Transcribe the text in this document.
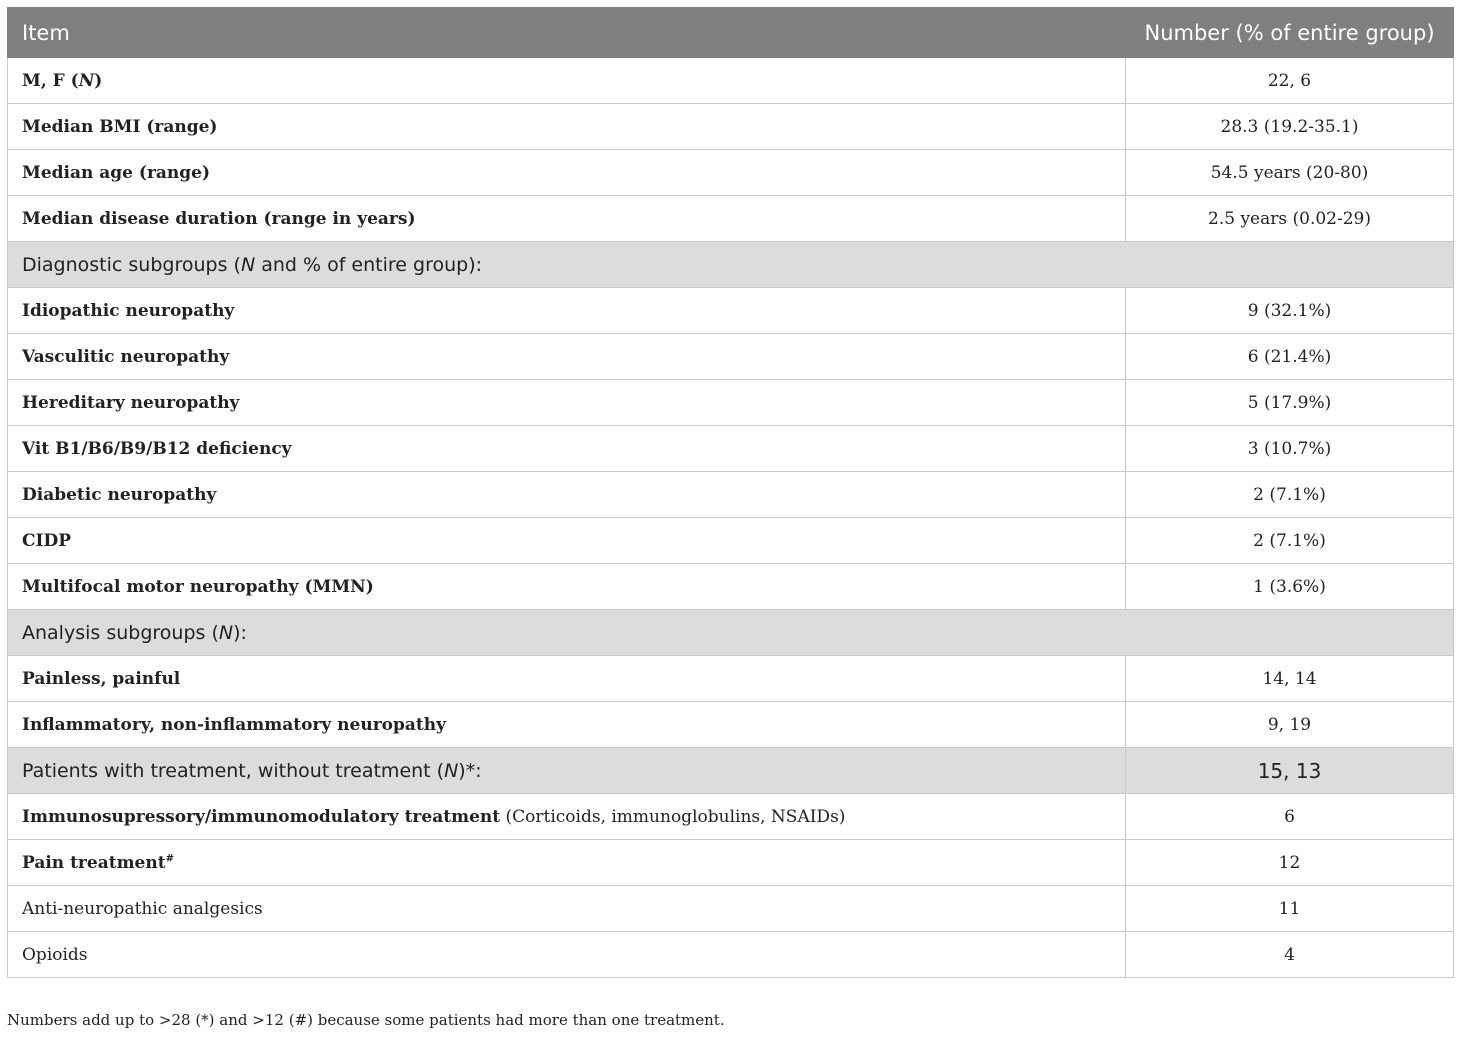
Item	Number (% of entire group)
M, F (N)	22, 6
Median BMI (range)	28.3 (19.2-35.1)
Median age (range)	54.5 years (20-80)
Median disease duration (range in years)	2.5 years (0.02-29)
Diagnostic subgroups (N and % of entire group):	
Idiopathic neuropathy	9 (32.1%)
Vasculitic neuropathy	6 (21.4%)
Hereditary neuropathy	5 (17.9%)
Vit B1/B6/B9/B12 deficiency	3 (10.7%)
Diabetic neuropathy	2 (7.1%)
CIDP	2 (7.1%)
Multifocal motor neuropathy (MMN)	1 (3.6%)
Analysis subgroups (N):	
Painless, painful	14, 14
Inflammatory, non-inflammatory neuropathy	9, 19
Patients with treatment, without treatment (N)*:	15, 13
Immunosupressory/immunomodulatory treatment (Corticoids, immunoglobulins, NSAIDs)	6
Pain treatment#	12
Anti-neuropathic analgesics	11
Opioids	4
Numbers add up to >28 (*) and >12 (#) because some patients had more than one treatment.
